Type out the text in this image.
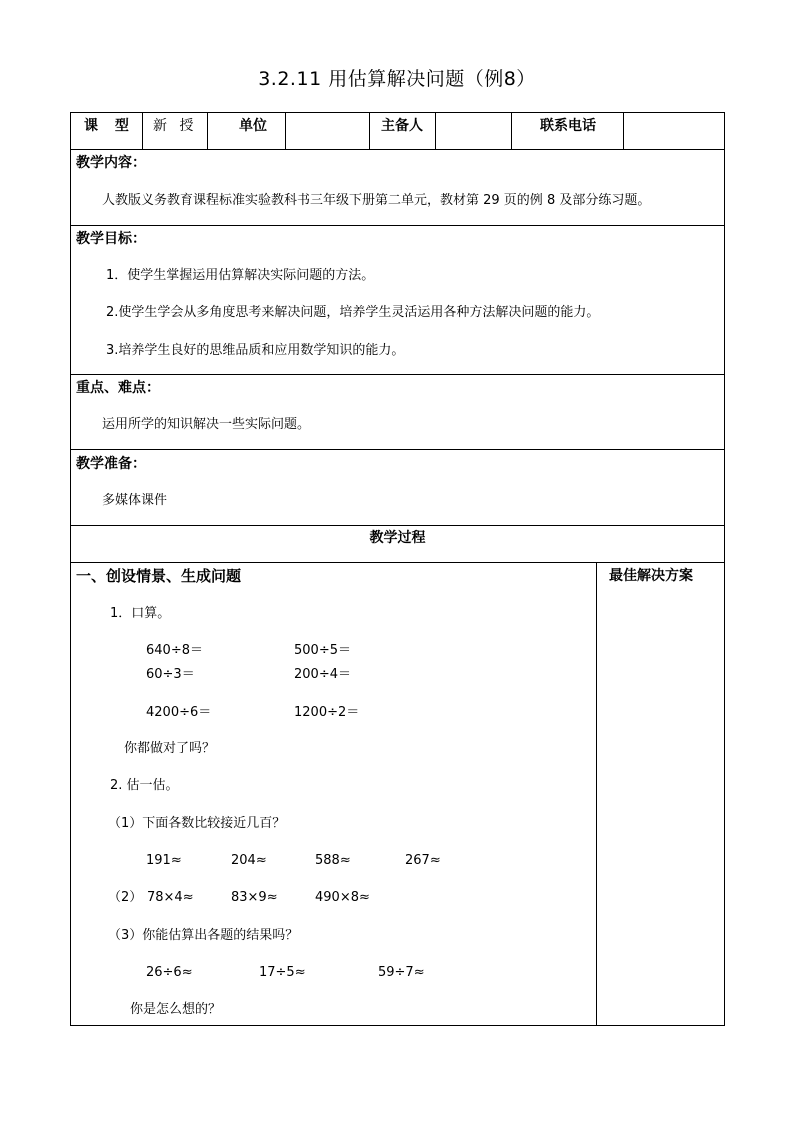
3.2.11 用估算解决问题（例8）
课 型 新 授	单位	主备人	联系电话
教学内容：
人教版义务教育课程标准实验教科书三年级下册第二单元，教材第 29 页的例 8 及部分练习题。
教学目标：
1．使学生掌握运用估算解决实际问题的方法。
2.使学生学会从多角度思考来解决问题，培养学生灵活运用各种方法解决问题的能力。
3.培养学生良好的思维品质和应用数学知识的能力。
重点、难点：
运用所学的知识解决一些实际问题。
教学准备：
多媒体课件
教学过程
一、创设情景、生成问题	最佳解决方案
1．口算。
640÷8＝	500÷5＝
60÷3＝	200÷4＝
4200÷6＝	1200÷2＝
你都做对了吗？
2. 估一估。
（1）下面各数比较接近几百？
191≈	204≈	588≈	267≈
（2） 78×4≈	83×9≈	490×8≈
（3）你能估算出各题的结果吗？
26÷6≈	17÷5≈	59÷7≈
你是怎么想的？
